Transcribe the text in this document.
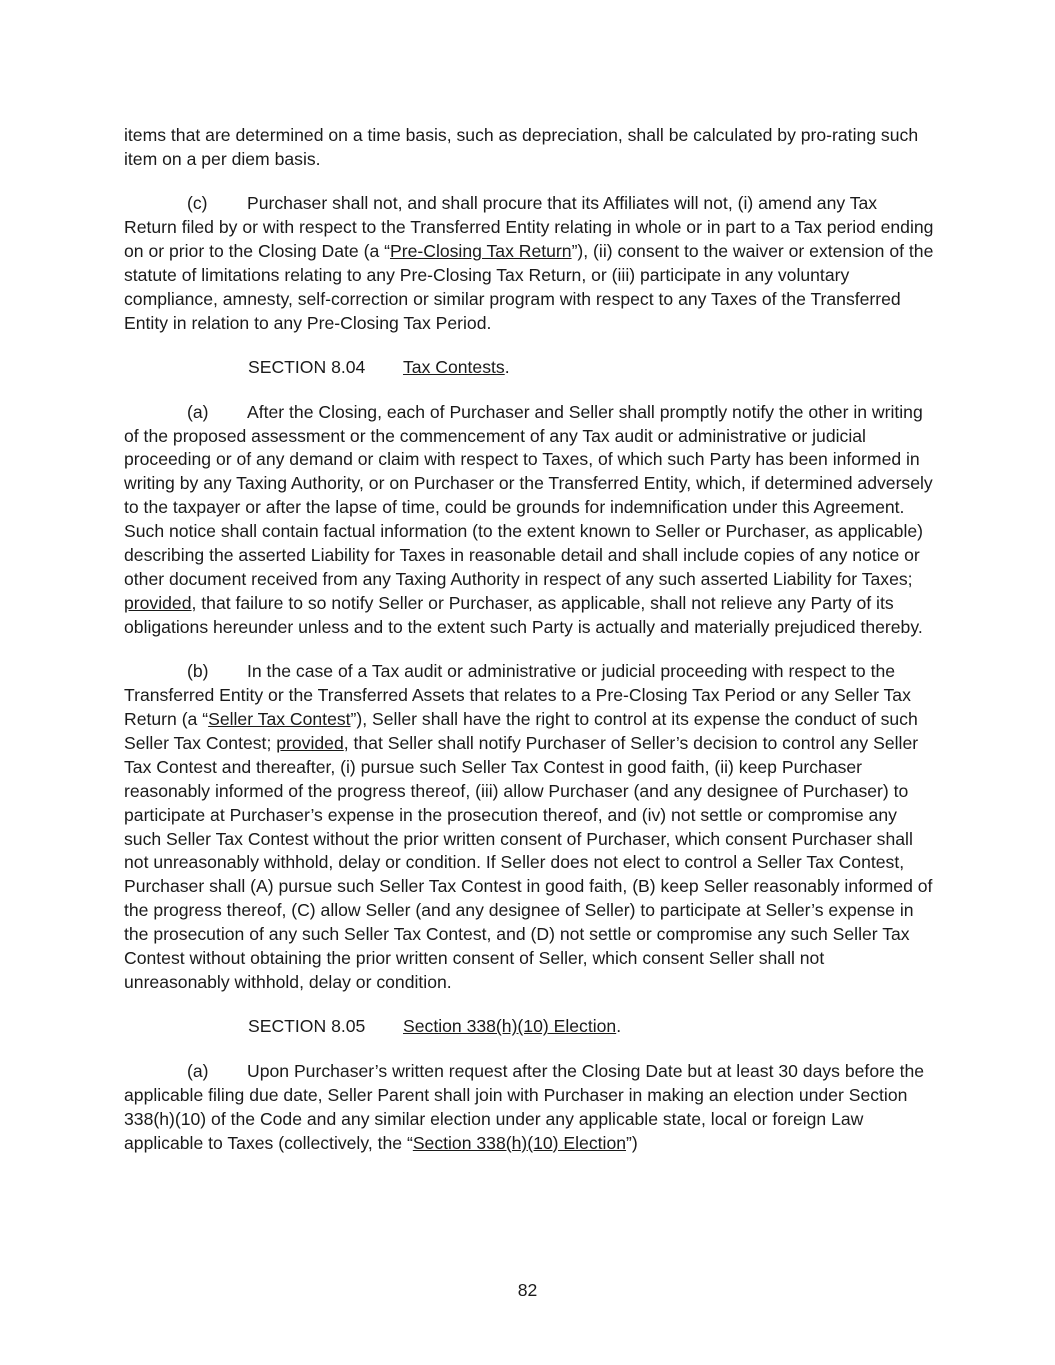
items that are determined on a time basis, such as depreciation, shall be calculated by pro-rating such item on a per diem basis.

(c) Purchaser shall not, and shall procure that its Affiliates will not, (i) amend any Tax Return filed by or with respect to the Transferred Entity relating in whole or in part to a Tax period ending on or prior to the Closing Date (a “Pre-Closing Tax Return”), (ii) consent to the waiver or extension of the statute of limitations relating to any Pre-Closing Tax Return, or (iii) participate in any voluntary compliance, amnesty, self-correction or similar program with respect to any Taxes of the Transferred Entity in relation to any Pre-Closing Tax Period.

SECTION 8.04 Tax Contests.

(a) After the Closing, each of Purchaser and Seller shall promptly notify the other in writing of the proposed assessment or the commencement of any Tax audit or administrative or judicial proceeding or of any demand or claim with respect to Taxes, of which such Party has been informed in writing by any Taxing Authority, or on Purchaser or the Transferred Entity, which, if determined adversely to the taxpayer or after the lapse of time, could be grounds for indemnification under this Agreement. Such notice shall contain factual information (to the extent known to Seller or Purchaser, as applicable) describing the asserted Liability for Taxes in reasonable detail and shall include copies of any notice or other document received from any Taxing Authority in respect of any such asserted Liability for Taxes; provided, that failure to so notify Seller or Purchaser, as applicable, shall not relieve any Party of its obligations hereunder unless and to the extent such Party is actually and materially prejudiced thereby.

(b) In the case of a Tax audit or administrative or judicial proceeding with respect to the Transferred Entity or the Transferred Assets that relates to a Pre-Closing Tax Period or any Seller Tax Return (a “Seller Tax Contest”), Seller shall have the right to control at its expense the conduct of such Seller Tax Contest; provided, that Seller shall notify Purchaser of Seller’s decision to control any Seller Tax Contest and thereafter, (i) pursue such Seller Tax Contest in good faith, (ii) keep Purchaser reasonably informed of the progress thereof, (iii) allow Purchaser (and any designee of Purchaser) to participate at Purchaser’s expense in the prosecution thereof, and (iv) not settle or compromise any such Seller Tax Contest without the prior written consent of Purchaser, which consent Purchaser shall not unreasonably withhold, delay or condition. If Seller does not elect to control a Seller Tax Contest, Purchaser shall (A) pursue such Seller Tax Contest in good faith, (B) keep Seller reasonably informed of the progress thereof, (C) allow Seller (and any designee of Seller) to participate at Seller’s expense in the prosecution of any such Seller Tax Contest, and (D) not settle or compromise any such Seller Tax Contest without obtaining the prior written consent of Seller, which consent Seller shall not unreasonably withhold, delay or condition.

SECTION 8.05 Section 338(h)(10) Election.

(a) Upon Purchaser’s written request after the Closing Date but at least 30 days before the applicable filing due date, Seller Parent shall join with Purchaser in making an election under Section 338(h)(10) of the Code and any similar election under any applicable state, local or foreign Law applicable to Taxes (collectively, the “Section 338(h)(10) Election”)

82
